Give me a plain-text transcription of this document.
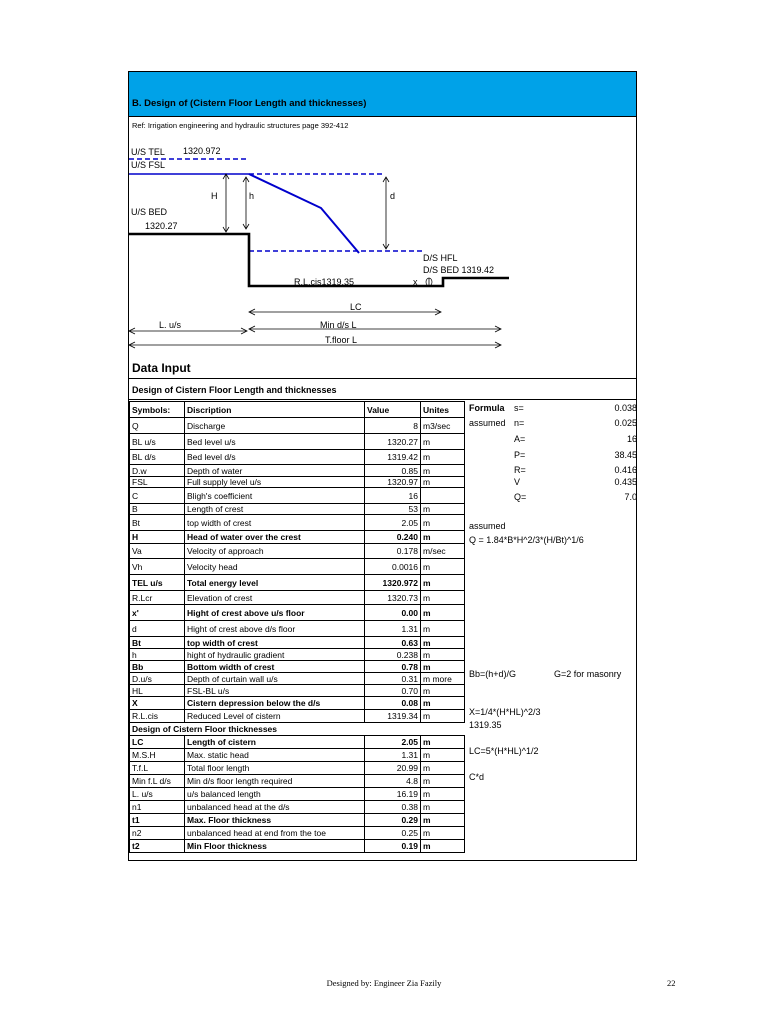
B. Design of (Cistern Floor Length and thicknesses)
Ref: Irrigation engineering and hydraulic structures page 392-412
U/S TEL 1320.972
U/S FSL
H	h	d
U/S BED
1320.27
D/S HFL
D/S BED 1319.42
R.L.cis1319.35	x
LC
L. u/s	Min d/s L
T.floor L
Data Input
Design of Cistern Floor Length and thicknesses
Symbols:	Discription	Value	Unites
Q	Discharge	8	m3/sec
BL u/s	Bed level u/s	1320.27	m
BL d/s	Bed level d/s	1319.42	m
D.w	Depth of water	0.85	m
FSL	Full supply level u/s	1320.97	m
C	Bligh's coefficient	16	
B	Length of crest	53	m
Bt	top width of crest	2.05	m
H	Head of water over the crest	0.240	m
Va	Velocity of approach	0.178	m/sec
Vh	Velocity head	0.0016	m
TEL u/s	Total energy level	1320.972	m
R.Lcr	Elevation of crest	1320.73	m
x'	Hight of crest above u/s floor	0.00	m
d	Hight of crest above d/s floor	1.31	m
Bt	top width of crest	0.63	m
h	hight of hydraulic gradient	0.238	m
Bb	Bottom width of crest	0.78	m
D.u/s	Depth of curtain wall u/s	0.31	m more
HL	FSL-BL u/s	0.70	m
X	Cistern depression below the d/s	0.08	m
R.L.cis	Reduced Level of cistern	1319.34	m
Design of Cistern Floor thicknesses			
LC	Length of cistern	2.05	m
M.S.H	Max. static head	1.31	m
T.f.L	Total floor length	20.99	m
Min f.L d/s	Min d/s floor length required	4.8	m
L. u/s	u/s balanced length	16.19	m
n1	unbalanced head at the d/s	0.38	m
t1	Max. Floor thickness	0.29	m
n2	unbalanced head at end from the toe	0.25	m
t2	Min Floor thickness	0.19	m
Formula
assumed
s=	0.038
n=	0.025
A=	16
P=	38.45
R=	0.416
V	0.435
Q=	7.0
assumed
Q = 1.84*B*H^2/3*(H/Bt)^1/6
Bb=(h+d)/G	G=2 for masonry
X=1/4*(H*HL)^2/3
1319.35
LC=5*(H*HL)^1/2
C*d
Designed by: Engineer Zia Fazily	22
